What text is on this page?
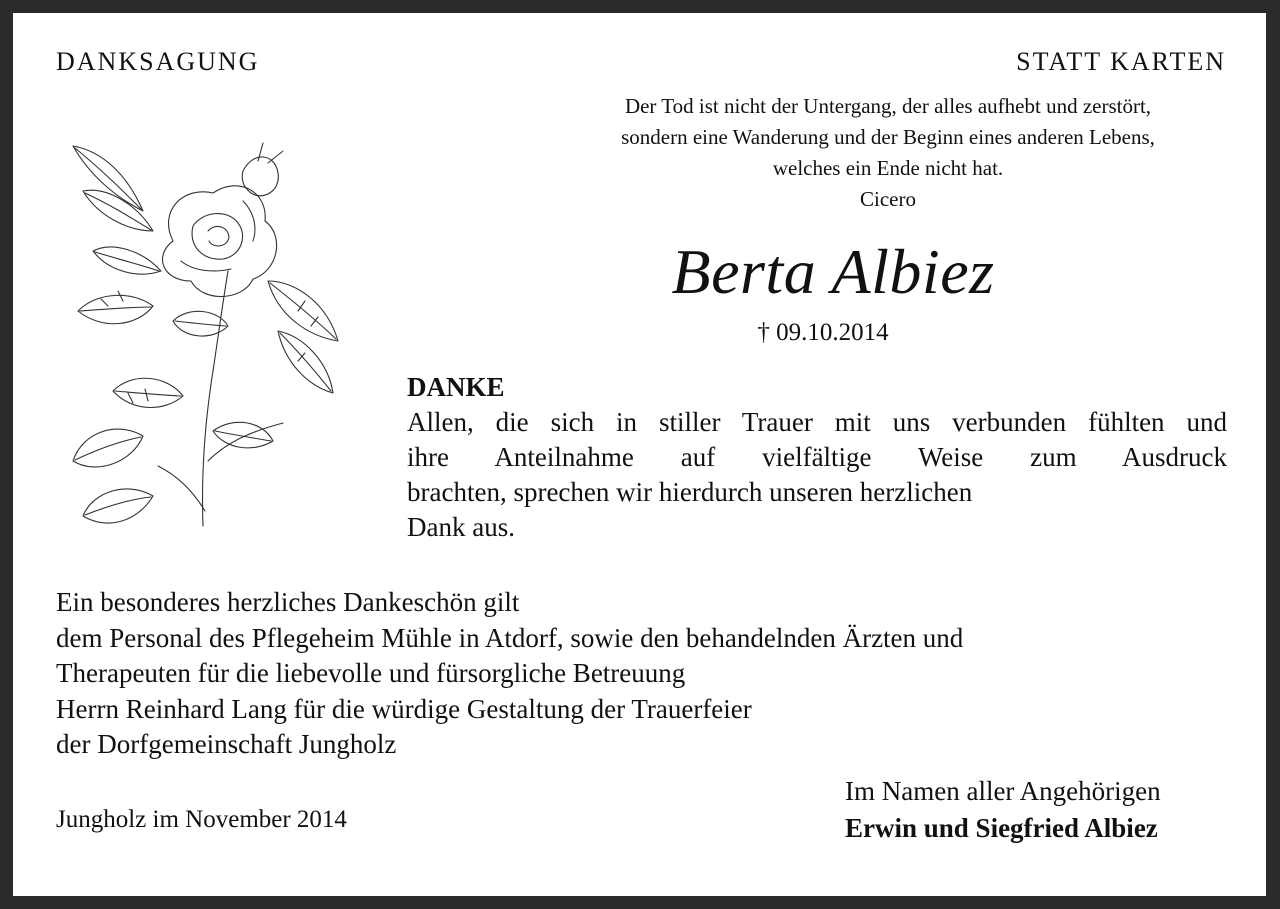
DANKSAGUNG	STATT KARTEN
Der Tod ist nicht der Untergang, der alles aufhebt und zerstört,
sondern eine Wanderung und der Beginn eines anderen Lebens,
welches ein Ende nicht hat.
Cicero
Berta Albiez
† 09.10.2014
DANKE
Allen, die sich in stiller Trauer mit uns verbunden fühlten und
ihre Anteilnahme auf vielfältige Weise zum Ausdruck
brachten, sprechen wir hierdurch unseren herzlichen
Dank aus.
Ein besonderes herzliches Dankeschön gilt
dem Personal des Pflegeheim Mühle in Atdorf, sowie den behandelnden Ärzten und
Therapeuten für die liebevolle und fürsorgliche Betreuung
Herrn Reinhard Lang für die würdige Gestaltung der Trauerfeier
der Dorfgemeinschaft Jungholz
Jungholz im November 2014
Im Namen aller Angehörigen
Erwin und Siegfried Albiez
